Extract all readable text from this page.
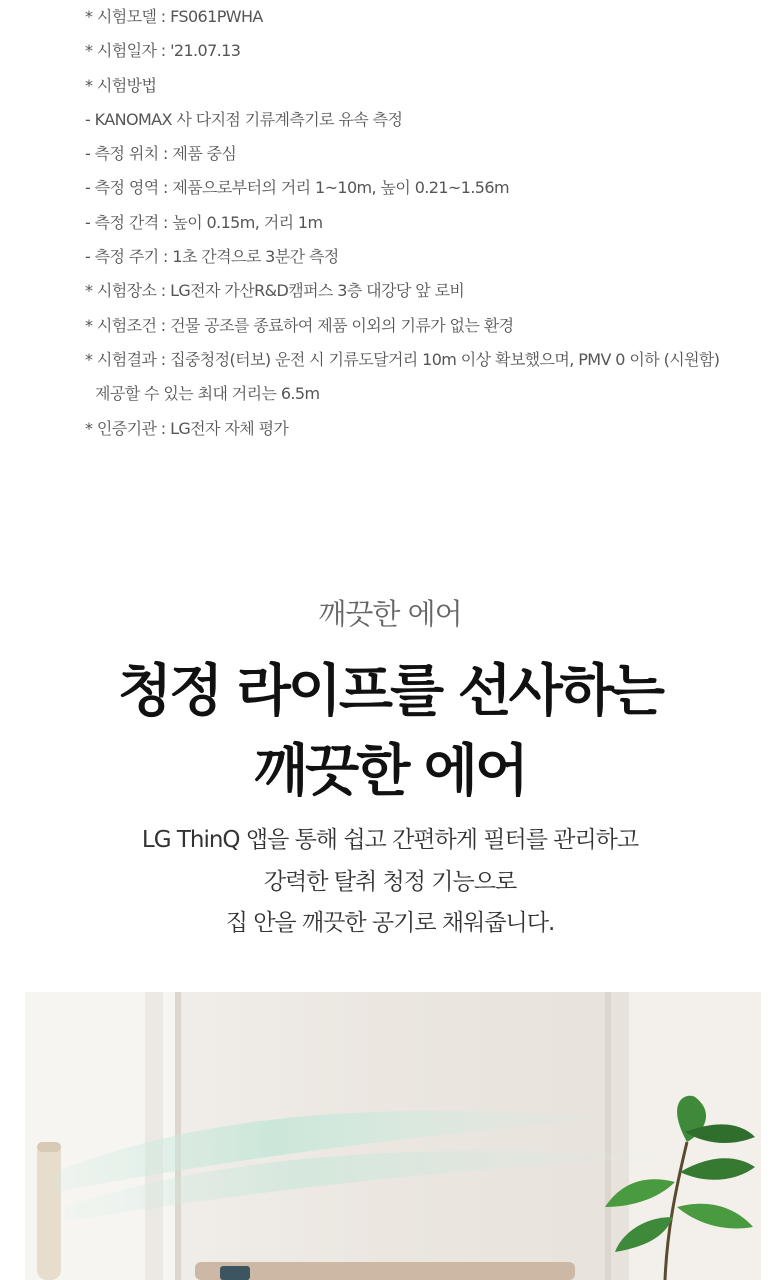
* 시험모델 : FS061PWHA
* 시험일자 : '21.07.13
* 시험방법
- KANOMAX 사 다지점 기류계측기로 유속 측정
- 측정 위치 : 제품 중심
- 측정 영역 : 제품으로부터의 거리 1~10m, 높이 0.21~1.56m
- 측정 간격 : 높이 0.15m, 거리 1m
- 측정 주기 : 1초 간격으로 3분간 측정
* 시험장소 : LG전자 가산R&D캠퍼스 3층 대강당 앞 로비
* 시험조건 : 건물 공조를 종료하여 제품 이외의 기류가 없는 환경
* 시험결과 : 집중청정(터보) 운전 시 기류도달거리 10m 이상 확보했으며, PMV 0 이하 (시원함)
제공할 수 있는 최대 거리는 6.5m
* 인증기관 : LG전자 자체 평가
깨끗한 에어
청정 라이프를 선사하는
깨끗한 에어
LG ThinQ 앱을 통해 쉽고 간편하게 필터를 관리하고
강력한 탈취 청정 기능으로
집 안을 깨끗한 공기로 채워줍니다.
